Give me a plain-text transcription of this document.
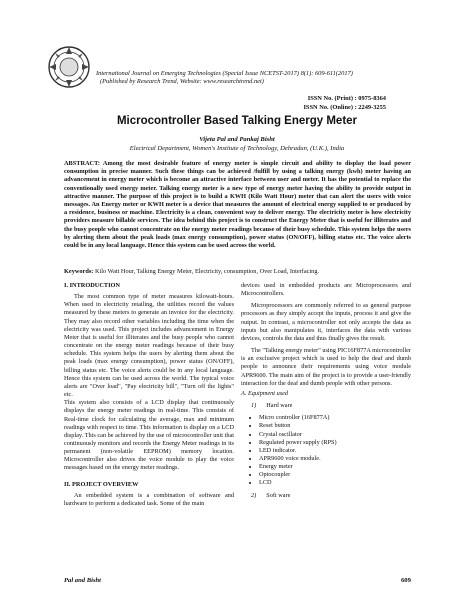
International Journal on Emerging Technologies (Special Issue NCETST-2017) 8(1): 609-611(2017)
(Published by Research Trend, Website: www.researchtrend.net)
ISSN No. (Print) : 0975-8364
ISSN No. (Online) : 2249-3255
Microcontroller Based Talking Energy Meter
Vijeta Pal and Pankaj Bisht
Electrical Department, Women's Institute of Technology, Dehradun, (U.K.), India
ABSTRACT: Among the most desirable feature of energy meter is simple circuit and ability to display the load power consumption in precise manner. Such these things can be achieved /fulfill by using a talking energy (kwh) meter having an advancement in energy meter which is become an attractive interface between user and meter. It has the potential to replace the conventionally used energy meter. Talking energy meter is a new type of energy meter having the ability to provide output in attractive manner. The purpose of this project is to build a KWH (Kilo Watt Hour) meter that can alert the users with voice messages. An Energy meter or KWH meter is a device that measures the amount of electrical energy supplied to or produced by a residence, business or machine. Electricity is a clean, convenient way to deliver energy. The electricity meter is how electricity providers measure billable services. The idea behind this project is to construct the Energy Meter that is useful for illiterates and the busy people who cannot concentrate on the energy meter readings because of their busy schedule. This system helps the users by alerting them about the peak loads (max energy consumption), power status (ON/OFF), billing status etc. The voice alerts could be in any local language. Hence this system can be used across the world.
Keywords: Kilo Watt Hour, Talking Energy Meter, Electricity, consumption, Over Load, Interfacing.
I. INTRODUCTION

The most common type of meter measures kilowatt-hours. When used in electricity retailing, the utilities record the values measured by these meters to generate an invoice for the electricity. They may also record other variables including the time when the electricity was used. This project includes advancement in Energy Meter that is useful for illiterates and the busy people who cannot concentrate on the energy meter readings because of their busy schedule. This system helps the users by alerting them about the peak loads (max energy consumption), power status (ON/OFF), billing status etc. The voice alerts could be in any local language. Hence this system can be used across the world. The typical voice alerts are "Over load", "Pay electricity bill", "Turn off the lights" etc.

This system also consists of a LCD display that continuously displays the energy meter readings in real-time. This consists of Real-time clock for calculating the average, max and minimum readings with respect to time. This information is display on a LCD display. This can be achieved by the use of microcontroller unit that continuously monitors and records the Energy Meter readings in its permanent (non-volatile EEPROM) memory location. Microcontroller also drives the voice module to play the voice messages based on the energy meter readings.

II. PROJECT OVERVIEW

An embedded system is a combination of software and hardware to perform a dedicated task. Some of the main

devices used in embedded products are Microprocessors and Microcontrollers.

Microprocessors are commonly referred to as general purpose processors as they simply accept the inputs, process it and give the output. In contrast, a microcontroller not only accepts the data as inputs but also manipulates it, interfaces the data with various devices, controls the data and thus finally gives the result.

The "Talking energy meter" using PIC16F877A microcontroller is an exclusive project which is used to help the deaf and dumb people to announce their requirements using voice module APR9600. The main aim of the project is to provide a user-friendly interaction for the deaf and dumb people with other persons.

A. Equipment used
1) Hard ware
• Micro controller (16F877A)
• Reset button
• Crystal oscillator
• Regulated power supply (RPS)
• LED indicator.
• APR9600 voice module.
• Energy meter
• Optocoupler
• LCD
2) Soft ware
Pal and Bisht	609
